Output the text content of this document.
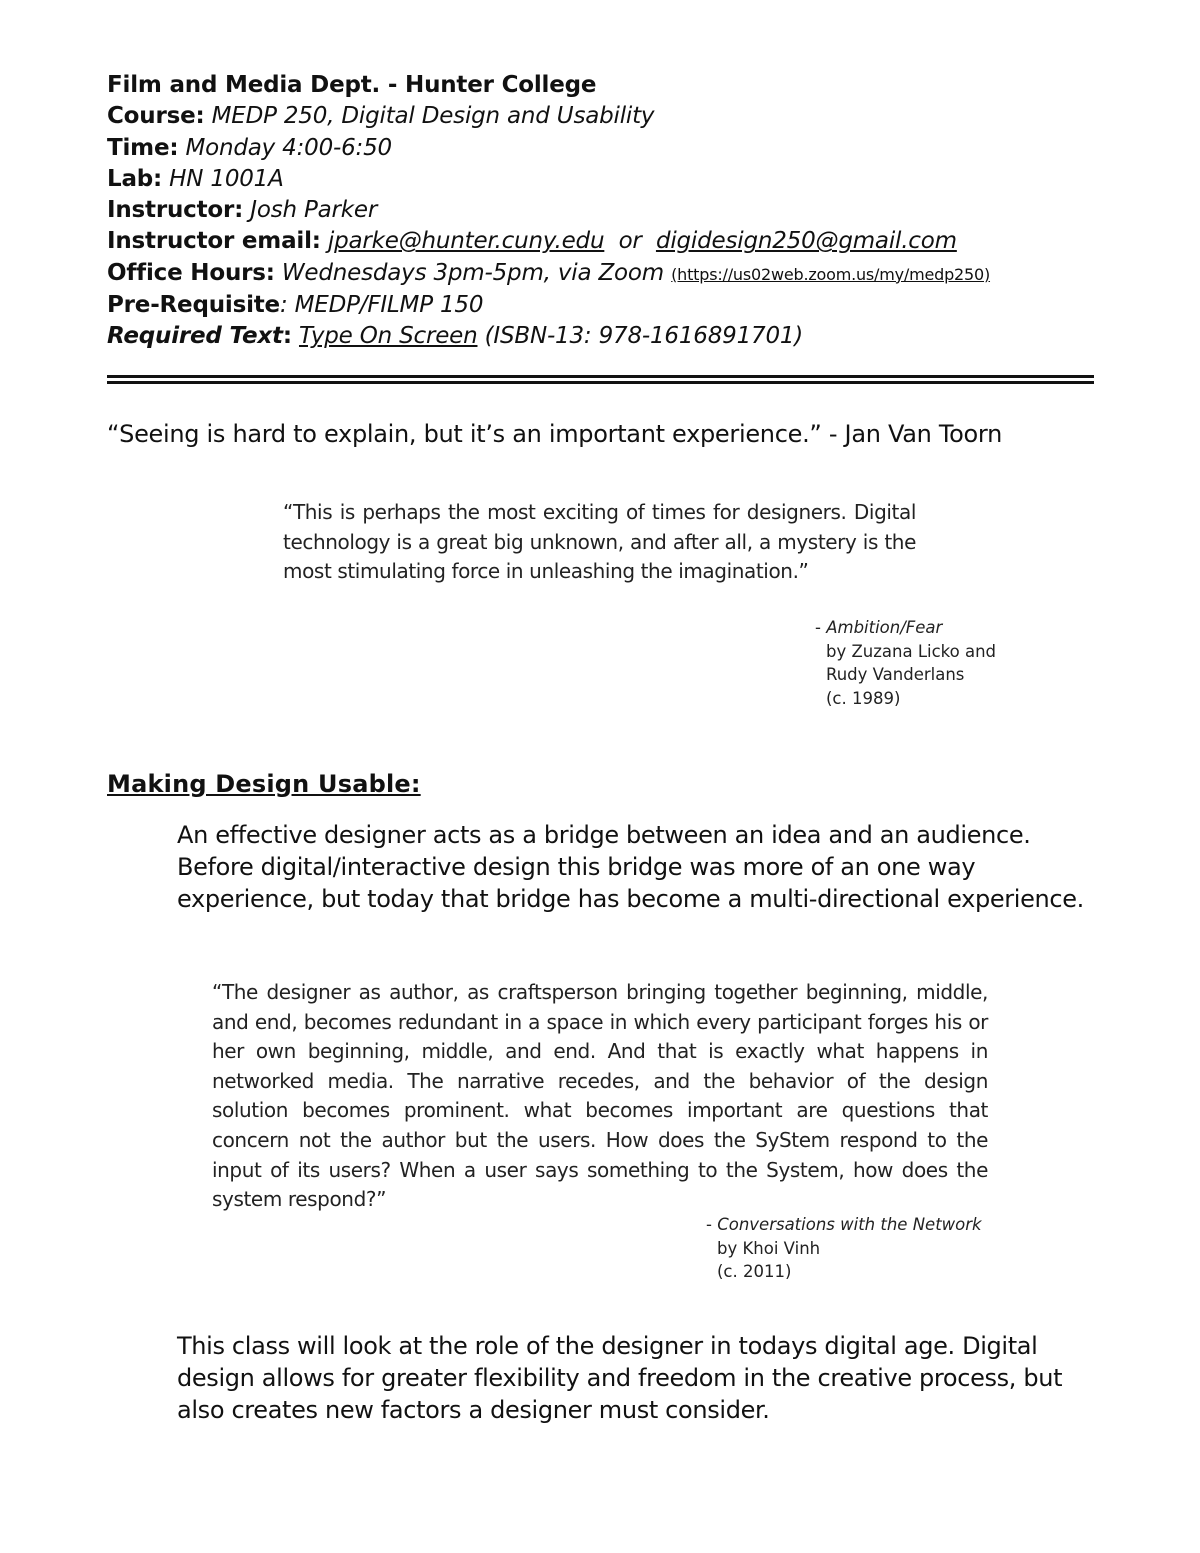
Film and Media Dept. - Hunter College
Course: MEDP 250, Digital Design and Usability
Time: Monday 4:00-6:50
Lab: HN 1001A
Instructor: Josh Parker
Instructor email: jparke@hunter.cuny.edu or digidesign250@gmail.com
Office Hours: Wednesdays 3pm-5pm, via Zoom (https://us02web.zoom.us/my/medp250)
Pre-Requisite: MEDP/FILMP 150
Required Text: Type On Screen (ISBN-13: 978-1616891701)
“Seeing is hard to explain, but it’s an important experience.” - Jan Van Toorn

“This is perhaps the most exciting of times for designers. Digital technology is a great big unknown, and after all, a mystery is the most stimulating force in unleashing the imagination.”

- Ambition/Fear
by Zuzana Licko and
Rudy Vanderlans
(c. 1989)
Making Design Usable:

An effective designer acts as a bridge between an idea and an audience. Before digital/interactive design this bridge was more of an one way experience, but today that bridge has become a multi-directional experience.

“The designer as author, as craftsperson bringing together beginning, middle, and end, becomes redundant in a space in which every participant forges his or her own beginning, middle, and end. And that is exactly what happens in networked media. The narrative recedes, and the behavior of the design solution becomes prominent. what becomes important are questions that concern not the author but the users. How does the SyStem respond to the input of its users? When a user says something to the System, how does the system respond?”

- Conversations with the Network
by Khoi Vinh
(c. 2011)

This class will look at the role of the designer in todays digital age. Digital design allows for greater flexibility and freedom in the creative process, but also creates new factors a designer must consider.
